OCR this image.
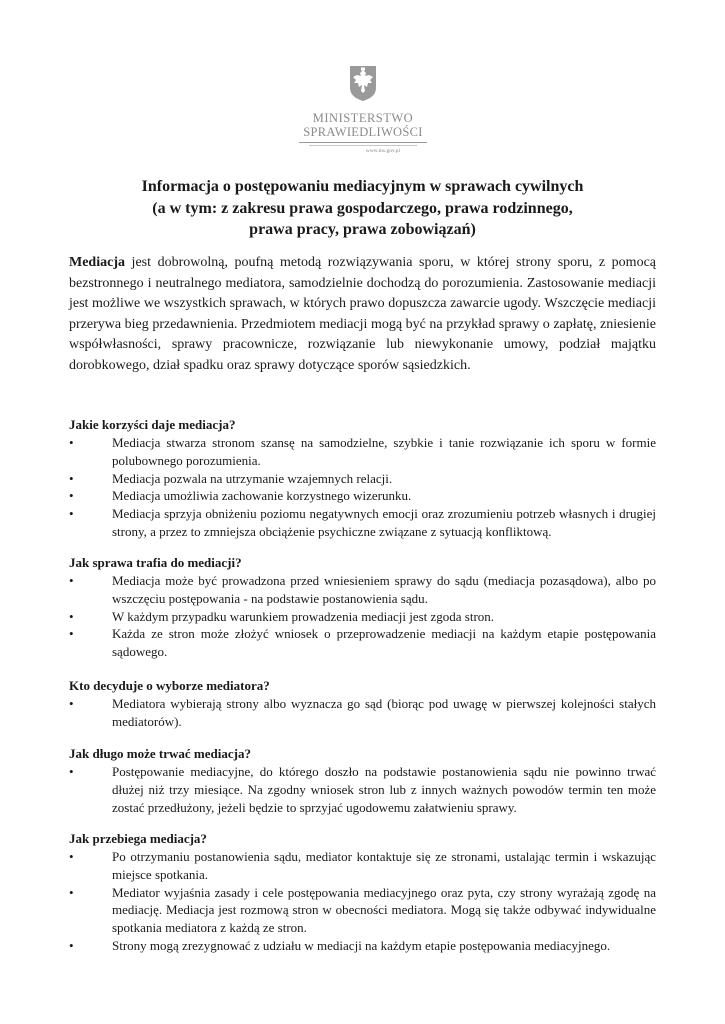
MINISTERSTWO
SPRAWIEDLIWOŚCI
www.ms.gov.pl
Informacja o postępowaniu mediacyjnym w sprawach cywilnych
(a w tym: z zakresu prawa gospodarczego, prawa rodzinnego,
prawa pracy, prawa zobowiązań)

Mediacja jest dobrowolną, poufną metodą rozwiązywania sporu, w której strony sporu, z pomocą bezstronnego i neutralnego mediatora, samodzielnie dochodzą do porozumienia. Zastosowanie mediacji jest możliwe we wszystkich sprawach, w których prawo dopuszcza zawarcie ugody. Wszczęcie mediacji przerywa bieg przedawnienia. Przedmiotem mediacji mogą być na przykład sprawy o zapłatę, zniesienie współwłasności, sprawy pracownicze, rozwiązanie lub niewykonanie umowy, podział majątku dorobkowego, dział spadku oraz sprawy dotyczące sporów sąsiedzkich.

Jakie korzyści daje mediacja?
•	Mediacja stwarza stronom szansę na samodzielne, szybkie i tanie rozwiązanie ich sporu w formie polubownego porozumienia.
•	Mediacja pozwala na utrzymanie wzajemnych relacji.
•	Mediacja umożliwia zachowanie korzystnego wizerunku.
•	Mediacja sprzyja obniżeniu poziomu negatywnych emocji oraz zrozumieniu potrzeb własnych i drugiej strony, a przez to zmniejsza obciążenie psychiczne związane z sytuacją konfliktową.
Jak sprawa trafia do mediacji?
•	Mediacja może być prowadzona przed wniesieniem sprawy do sądu (mediacja pozasądowa), albo po wszczęciu postępowania - na podstawie postanowienia sądu.
•	W każdym przypadku warunkiem prowadzenia mediacji jest zgoda stron.
•	Każda ze stron może złożyć wniosek o przeprowadzenie mediacji na każdym etapie postępowania sądowego.
Kto decyduje o wyborze mediatora?
•	Mediatora wybierają strony albo wyznacza go sąd (biorąc pod uwagę w pierwszej kolejności stałych mediatorów).
Jak długo może trwać mediacja?
•	Postępowanie mediacyjne, do którego doszło na podstawie postanowienia sądu nie powinno trwać dłużej niż trzy miesiące. Na zgodny wniosek stron lub z innych ważnych powodów termin ten może zostać przedłużony, jeżeli będzie to sprzyjać ugodowemu załatwieniu sprawy.
Jak przebiega mediacja?
•	Po otrzymaniu postanowienia sądu, mediator kontaktuje się ze stronami, ustalając termin i wskazując miejsce spotkania.
•	Mediator wyjaśnia zasady i cele postępowania mediacyjnego oraz pyta, czy strony wyrażają zgodę na mediację. Mediacja jest rozmową stron w obecności mediatora. Mogą się także odbywać indywidualne spotkania mediatora z każdą ze stron.
•	Strony mogą zrezygnować z udziału w mediacji na każdym etapie postępowania mediacyjnego.
